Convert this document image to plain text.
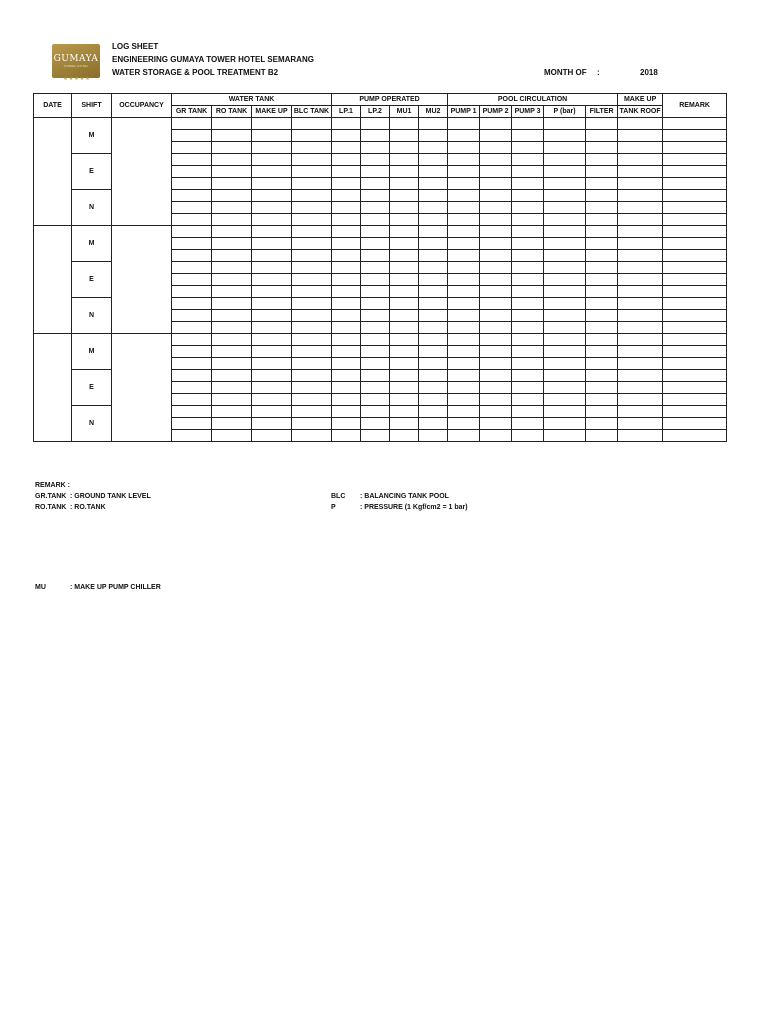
GUMAYA
TOWER HOTEL
★★★★★
LOG SHEET
ENGINEERING GUMAYA TOWER HOTEL SEMARANG
WATER STORAGE & POOL TREATMENT B2	MONTH OF :	2018
DATE	SHIFT	OCCUPANCY	WATER TANK				PUMP OPERATED				POOL CIRCULATION					MAKE UP	REMARK
			GR TANK	RO TANK	MAKE UP	BLC TANK	LP.1	LP.2	MU1	MU2	PUMP 1	PUMP 2	PUMP 3	P (bar)	FILTER	TANK ROOF	
	M																

	E																

	N																

	M																

	E																

	N																

	M																

	E																

	N																

REMARK :
GR.TANK : GROUND TANK LEVEL
RO.TANK : RO.TANK
BLC : BALANCING TANK POOL
P	: PRESSURE (1 Kgf/cm2 = 1 bar)
MU	: MAKE UP PUMP CHILLER
